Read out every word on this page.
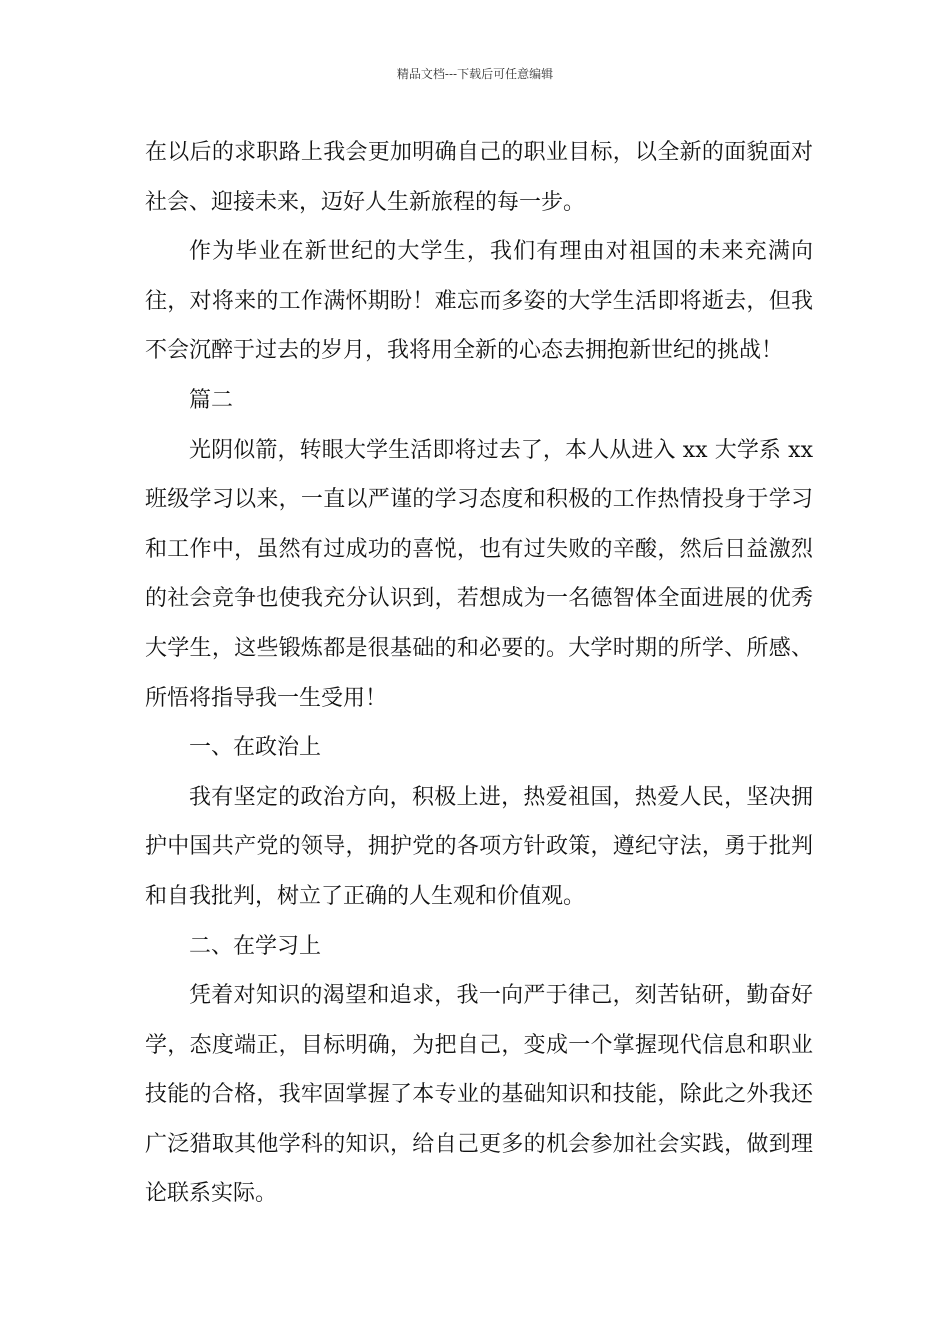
精品文档---下载后可任意编辑

在以后的求职路上我会更加明确自己的职业目标，以全新的面貌面对社会、迎接未来，迈好人生新旅程的每一步。

作为毕业在新世纪的大学生，我们有理由对祖国的未来充满向往，对将来的工作满怀期盼！难忘而多姿的大学生活即将逝去，但我不会沉醉于过去的岁月，我将用全新的心态去拥抱新世纪的挑战！

篇二

光阴似箭，转眼大学生活即将过去了，本人从进入 xx 大学系 xx 班级学习以来，一直以严谨的学习态度和积极的工作热情投身于学习和工作中，虽然有过成功的喜悦，也有过失败的辛酸，然后日益激烈的社会竞争也使我充分认识到，若想成为一名德智体全面进展的优秀大学生，这些锻炼都是很基础的和必要的。大学时期的所学、所感、所悟将指导我一生受用！

一、在政治上

我有坚定的政治方向，积极上进，热爱祖国，热爱人民，坚决拥护中国共产党的领导，拥护党的各项方针政策，遵纪守法，勇于批判和自我批判，树立了正确的人生观和价值观。

二、在学习上

凭着对知识的渴望和追求，我一向严于律己，刻苦钻研，勤奋好学，态度端正，目标明确，为把自己，变成一个掌握现代信息和职业技能的合格，我牢固掌握了本专业的基础知识和技能，除此之外我还广泛猎取其他学科的知识，给自己更多的机会参加社会实践，做到理论联系实际。
